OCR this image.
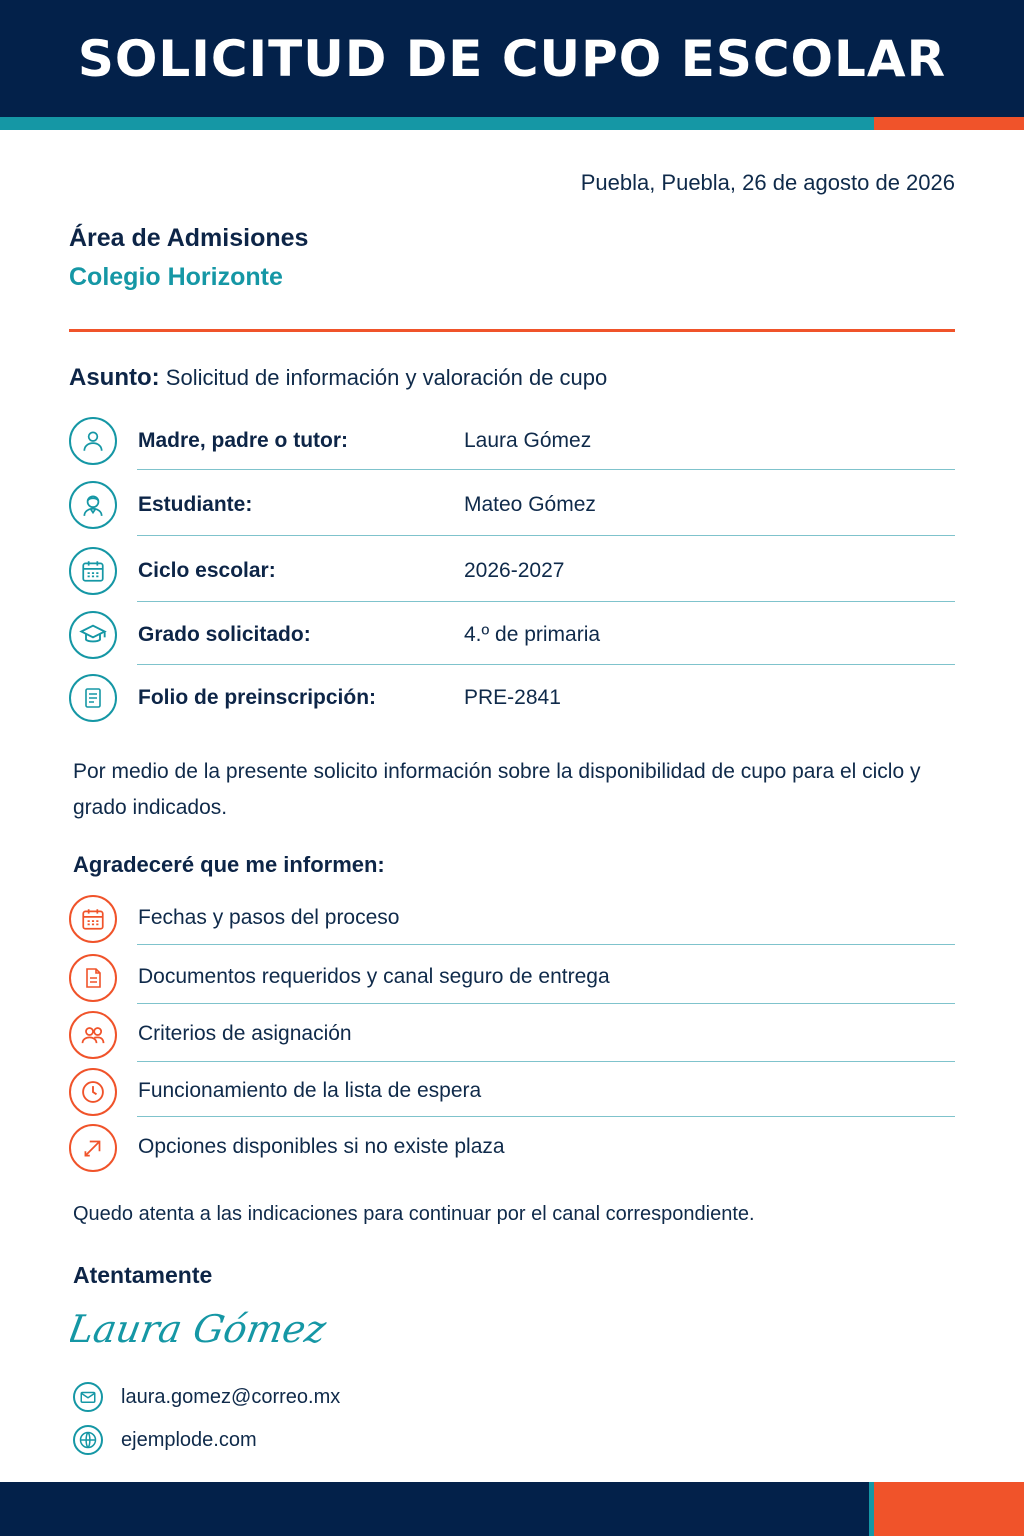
SOLICITUD DE CUPO ESCOLAR
Puebla, Puebla, 26 de agosto de 2026
Área de Admisiones
Colegio Horizonte
Asunto: Solicitud de información y valoración de cupo
Madre, padre o tutor:	Laura Gómez
Estudiante:	Mateo Gómez
Ciclo escolar:	2026-2027
Grado solicitado:	4.º de primaria
Folio de preinscripción:	PRE-2841
Por medio de la presente solicito información sobre la disponibilidad de cupo para el ciclo y grado indicados.
Agradeceré que me informen:
Fechas y pasos del proceso
Documentos requeridos y canal seguro de entrega
Criterios de asignación
Funcionamiento de la lista de espera
Opciones disponibles si no existe plaza
Quedo atenta a las indicaciones para continuar por el canal correspondiente.
Atentamente
Laura Gómez
laura.gomez@correo.mx
ejemplode.com
